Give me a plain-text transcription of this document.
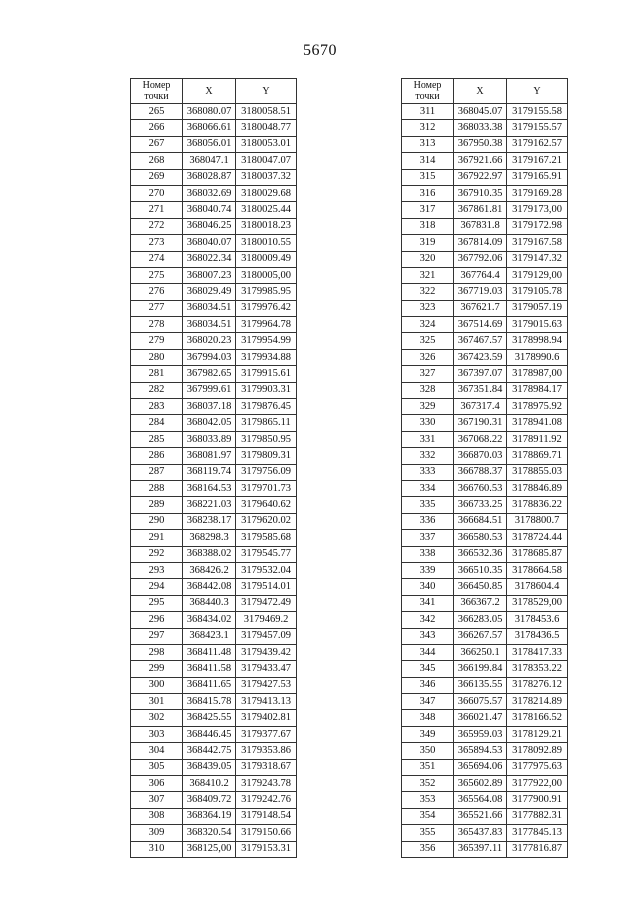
5670
Номер
точки	X	Y
265	368080.07	3180058.51
266	368066.61	3180048.77
267	368056.01	3180053.01
268	368047.1	3180047.07
269	368028.87	3180037.32
270	368032.69	3180029.68
271	368040.74	3180025.44
272	368046.25	3180018.23
273	368040.07	3180010.55
274	368022.34	3180009.49
275	368007.23	3180005,00
276	368029.49	3179985.95
277	368034.51	3179976.42
278	368034.51	3179964.78
279	368020.23	3179954.99
280	367994.03	3179934.88
281	367982.65	3179915.61
282	367999.61	3179903.31
283	368037.18	3179876.45
284	368042.05	3179865.11
285	368033.89	3179850.95
286	368081.97	3179809.31
287	368119.74	3179756.09
288	368164.53	3179701.73
289	368221.03	3179640.62
290	368238.17	3179620.02
291	368298.3	3179585.68
292	368388.02	3179545.77
293	368426.2	3179532.04
294	368442.08	3179514.01
295	368440.3	3179472.49
296	368434.02	3179469.2
297	368423.1	3179457.09
298	368411.48	3179439.42
299	368411.58	3179433.47
300	368411.65	3179427.53
301	368415.78	3179413.13
302	368425.55	3179402.81
303	368446.45	3179377.67
304	368442.75	3179353.86
305	368439.05	3179318.67
306	368410.2	3179243.78
307	368409.72	3179242.76
308	368364.19	3179148.54
309	368320.54	3179150.66
310	368125,00	3179153.31
Номер
точки	X	Y
311	368045.07	3179155.58
312	368033.38	3179155.57
313	367950.38	3179162.57
314	367921.66	3179167.21
315	367922.97	3179165.91
316	367910.35	3179169.28
317	367861.81	3179173,00
318	367831.8	3179172.98
319	367814.09	3179167.58
320	367792.06	3179147.32
321	367764.4	3179129,00
322	367719.03	3179105.78
323	367621.7	3179057.19
324	367514.69	3179015.63
325	367467.57	3178998.94
326	367423.59	3178990.6
327	367397.07	3178987,00
328	367351.84	3178984.17
329	367317.4	3178975.92
330	367190.31	3178941.08
331	367068.22	3178911.92
332	366870.03	3178869.71
333	366788.37	3178855.03
334	366760.53	3178846.89
335	366733.25	3178836.22
336	366684.51	3178800.7
337	366580.53	3178724.44
338	366532.36	3178685.87
339	366510.35	3178664.58
340	366450.85	3178604.4
341	366367.2	3178529,00
342	366283.05	3178453.6
343	366267.57	3178436.5
344	366250.1	3178417.33
345	366199.84	3178353.22
346	366135.55	3178276.12
347	366075.57	3178214.89
348	366021.47	3178166.52
349	365959.03	3178129.21
350	365894.53	3178092.89
351	365694.06	3177975.63
352	365602.89	3177922,00
353	365564.08	3177900.91
354	365521.66	3177882.31
355	365437.83	3177845.13
356	365397.11	3177816.87
